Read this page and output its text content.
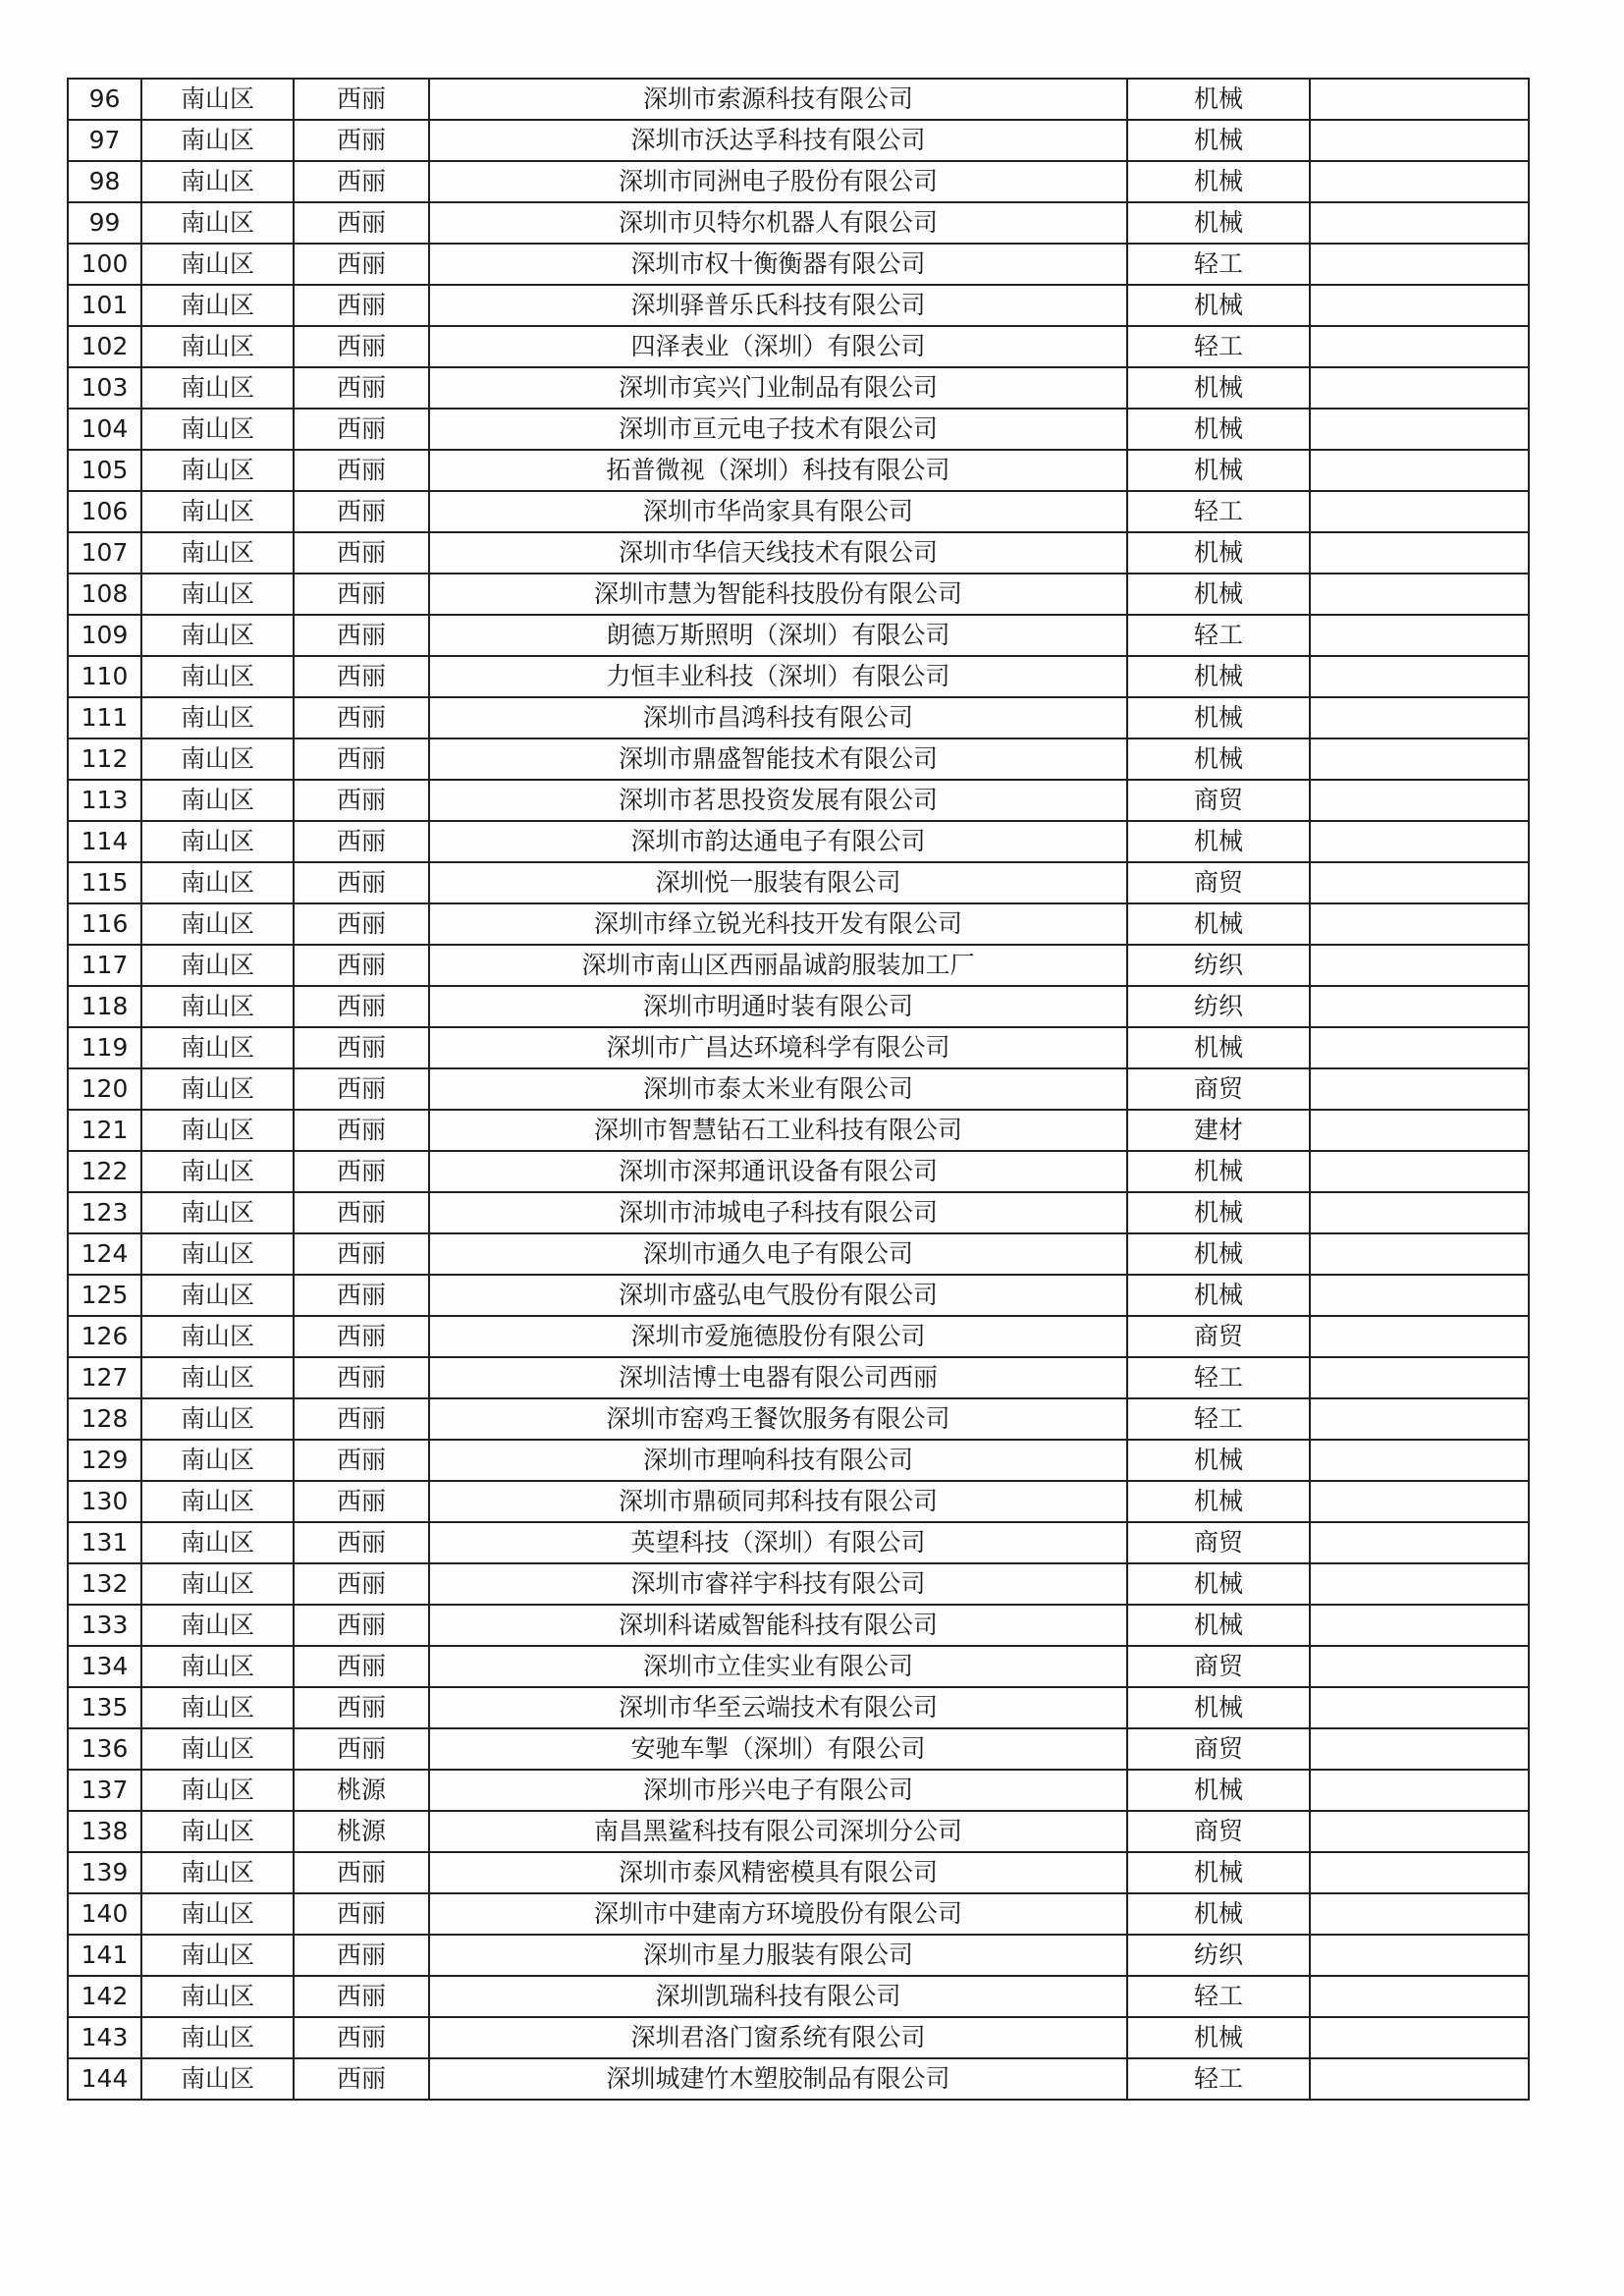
96	南山区	西丽	深圳市索源科技有限公司	机械	
97	南山区	西丽	深圳市沃达孚科技有限公司	机械	
98	南山区	西丽	深圳市同洲电子股份有限公司	机械	
99	南山区	西丽	深圳市贝特尔机器人有限公司	机械	
100	南山区	西丽	深圳市权十衡衡器有限公司	轻工	
101	南山区	西丽	深圳驿普乐氏科技有限公司	机械	
102	南山区	西丽	四泽表业（深圳）有限公司	轻工	
103	南山区	西丽	深圳市宾兴门业制品有限公司	机械	
104	南山区	西丽	深圳市亘元电子技术有限公司	机械	
105	南山区	西丽	拓普微视（深圳）科技有限公司	机械	
106	南山区	西丽	深圳市华尚家具有限公司	轻工	
107	南山区	西丽	深圳市华信天线技术有限公司	机械	
108	南山区	西丽	深圳市慧为智能科技股份有限公司	机械	
109	南山区	西丽	朗德万斯照明（深圳）有限公司	轻工	
110	南山区	西丽	力恒丰业科技（深圳）有限公司	机械	
111	南山区	西丽	深圳市昌鸿科技有限公司	机械	
112	南山区	西丽	深圳市鼎盛智能技术有限公司	机械	
113	南山区	西丽	深圳市茗思投资发展有限公司	商贸	
114	南山区	西丽	深圳市韵达通电子有限公司	机械	
115	南山区	西丽	深圳悦一服装有限公司	商贸	
116	南山区	西丽	深圳市绎立锐光科技开发有限公司	机械	
117	南山区	西丽	深圳市南山区西丽晶诚韵服装加工厂	纺织	
118	南山区	西丽	深圳市明通时装有限公司	纺织	
119	南山区	西丽	深圳市广昌达环境科学有限公司	机械	
120	南山区	西丽	深圳市泰太米业有限公司	商贸	
121	南山区	西丽	深圳市智慧钻石工业科技有限公司	建材	
122	南山区	西丽	深圳市深邦通讯设备有限公司	机械	
123	南山区	西丽	深圳市沛城电子科技有限公司	机械	
124	南山区	西丽	深圳市通久电子有限公司	机械	
125	南山区	西丽	深圳市盛弘电气股份有限公司	机械	
126	南山区	西丽	深圳市爱施德股份有限公司	商贸	
127	南山区	西丽	深圳洁博士电器有限公司西丽	轻工	
128	南山区	西丽	深圳市窑鸡王餐饮服务有限公司	轻工	
129	南山区	西丽	深圳市理响科技有限公司	机械	
130	南山区	西丽	深圳市鼎硕同邦科技有限公司	机械	
131	南山区	西丽	英望科技（深圳）有限公司	商贸	
132	南山区	西丽	深圳市睿祥宇科技有限公司	机械	
133	南山区	西丽	深圳科诺威智能科技有限公司	机械	
134	南山区	西丽	深圳市立佳实业有限公司	商贸	
135	南山区	西丽	深圳市华至云端技术有限公司	机械	
136	南山区	西丽	安驰车掣（深圳）有限公司	商贸	
137	南山区	桃源	深圳市彤兴电子有限公司	机械	
138	南山区	桃源	南昌黑鲨科技有限公司深圳分公司	商贸	
139	南山区	西丽	深圳市泰风精密模具有限公司	机械	
140	南山区	西丽	深圳市中建南方环境股份有限公司	机械	
141	南山区	西丽	深圳市星力服装有限公司	纺织	
142	南山区	西丽	深圳凯瑞科技有限公司	轻工	
143	南山区	西丽	深圳君洛门窗系统有限公司	机械	
144	南山区	西丽	深圳城建竹木塑胶制品有限公司	轻工	
